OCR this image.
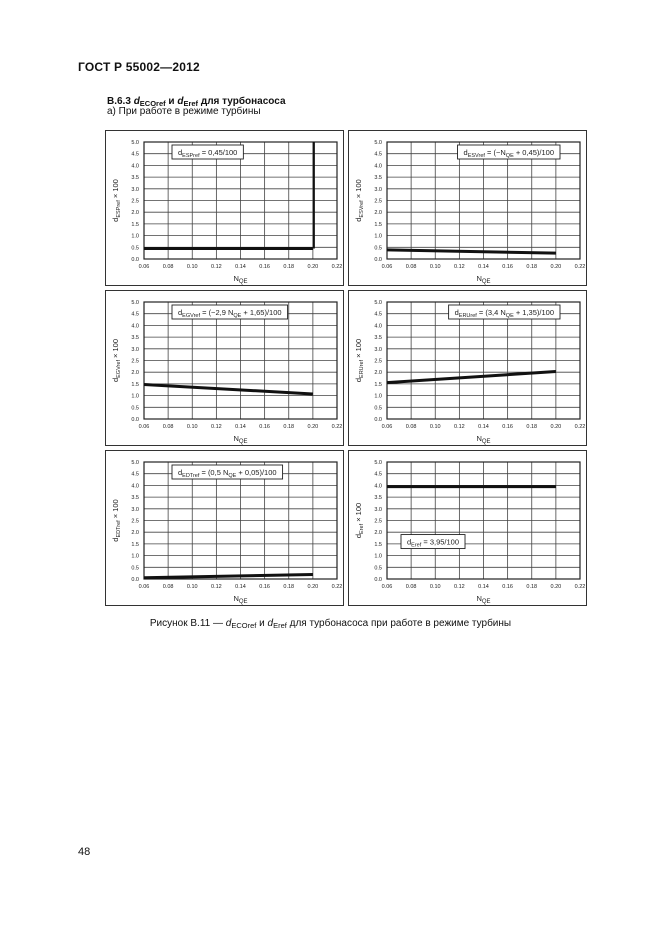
ГОСТ Р 55002—2012
В.6.3 $d_{ECOref}$ и $d_{Eref}$ для турбонасоса
а) При работе в режиме турбины
0.0
0.5
1.0
1.5
2.0
2.5
3.0
3.5
4.0
4.5
5.0
0.06 0.08 0.10 0.12 0.14 0.16 0.18 0.20 0.22
NQE
dESPref × 100
dESPref = 0,45/100
0.0
0.5
1.0
1.5
2.0
2.5
3.0
3.5
4.0
4.5
5.0
0.06 0.08 0.10 0.12 0.14 0.16 0.18 0.20 0.22
NQE
dESVref × 100
dESVref = (−NQE + 0,45)/100
0.0
0.5
1.0
1.5
2.0
2.5
3.0
3.5
4.0
4.5
5.0
0.06 0.08 0.10 0.12 0.14 0.16 0.18 0.20 0.22
NQE
dEGVref × 100
dEGVref = (−2,9 NQE + 1,65)/100
0.0
0.5
1.0
1.5
2.0
2.5
3.0
3.5
4.0
4.5
5.0
0.06 0.08 0.10 0.12 0.14 0.16 0.18 0.20 0.22
NQE
dERUref × 100
dERUref = (3,4 NQE + 1,35)/100
0.0
0.5
1.0
1.5
2.0
2.5
3.0
3.5
4.0
4.5
5.0
0.06 0.08 0.10 0.12 0.14 0.16 0.18 0.20 0.22
NQE
dEDTref × 100
dEDTref = (0,5 NQE + 0,05)/100
0.0
0.5
1.0
1.5
2.0
2.5
3.0
3.5
4.0
4.5
5.0
0.06 0.08 0.10 0.12 0.14 0.16 0.18 0.20 0.22
NQE
dEref × 100
dEref = 3,95/100
Рисунок В.11 — $d_{ECOref}$ и $d_{Eref}$ для турбонасоса при работе в режиме турбины
48
